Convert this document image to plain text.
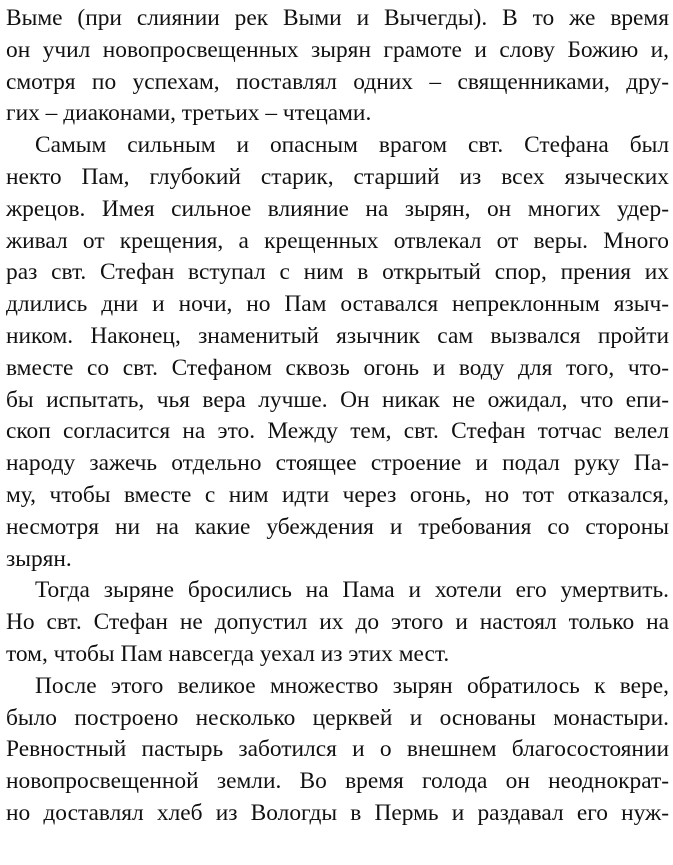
Выме (при слиянии рек Выми и Вычегды). В то же время
он учил новопросвещенных зырян грамоте и слову Божию и,
смотря по успехам, поставлял одних – священниками, дру-
гих – диаконами, третьих – чтецами.
Самым сильным и опасным врагом свт. Стефана был
некто Пам, глубокий старик, старший из всех языческих
жрецов. Имея сильное влияние на зырян, он многих удер-
живал от крещения, а крещенных отвлекал от веры. Много
раз свт. Стефан вступал с ним в открытый спор, прения их
длились дни и ночи, но Пам оставался непреклонным языч-
ником. Наконец, знаменитый язычник сам вызвался пройти
вместе со свт. Стефаном сквозь огонь и воду для того, что-
бы испытать, чья вера лучше. Он никак не ожидал, что епи-
скоп согласится на это. Между тем, свт. Стефан тотчас велел
народу зажечь отдельно стоящее строение и подал руку Па-
му, чтобы вместе с ним идти через огонь, но тот отказался,
несмотря ни на какие убеждения и требования со стороны
зырян.
Тогда зыряне бросились на Пама и хотели его умертвить.
Но свт. Стефан не допустил их до этого и настоял только на
том, чтобы Пам навсегда уехал из этих мест.
После этого великое множество зырян обратилось к вере,
было построено несколько церквей и основаны монастыри.
Ревностный пастырь заботился и о внешнем благосостоянии
новопросвещенной земли. Во время голода он неоднократ-
но доставлял хлеб из Вологды в Пермь и раздавал его нуж-
